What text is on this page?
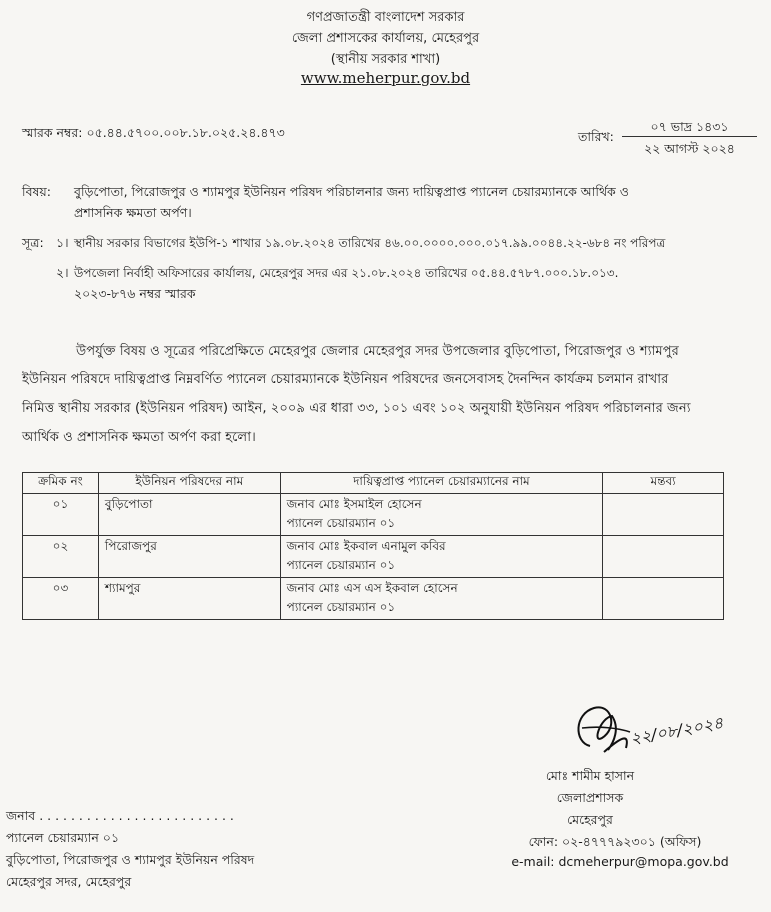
গণপ্রজাতন্ত্রী বাংলাদেশ সরকার
জেলা প্রশাসকের কার্যালয়, মেহেরপুর
(স্থানীয় সরকার শাখা)
www.meherpur.gov.bd
স্মারক নম্বর: ০৫.৪৪.৫৭০০.০০৮.১৮.০২৫.২৪.৪৭৩	তারিখ:
০৭ ভাদ্র ১৪৩১
২২ আগস্ট ২০২৪
বিষয়: বুড়িপোতা, পিরোজপুর ও শ্যামপুর ইউনিয়ন পরিষদ পরিচালনার জন্য দায়িত্বপ্রাপ্ত প্যানেল চেয়ারম্যানকে আর্থিক ও
প্রশাসনিক ক্ষমতা অর্পণ।
সূত্র: ১। স্থানীয় সরকার বিভাগের ইউপি-১ শাখার ১৯.০৮.২০২৪ তারিখের ৪৬.০০.০০০০.০০০.০১৭.৯৯.০০৪৪.২২-৬৮৪ নং পরিপত্র
২। উপজেলা নির্বাহী অফিসারের কার্যালয়, মেহেরপুর সদর এর ২১.০৮.২০২৪ তারিখের ০৫.৪৪.৫৭৮৭.০০০.১৮.০১৩.
২০২৩-৮৭৬ নম্বর স্মারক
উপর্যুক্ত বিষয় ও সূত্রের পরিপ্রেক্ষিতে মেহেরপুর জেলার মেহেরপুর সদর উপজেলার বুড়িপোতা, পিরোজপুর ও শ্যামপুর
ইউনিয়ন পরিষদে দায়িত্বপ্রাপ্ত নিম্নবর্ণিত প্যানেল চেয়ারম্যানকে ইউনিয়ন পরিষদের জনসেবাসহ দৈনন্দিন কার্যক্রম চলমান রাখার
নিমিত্ত স্থানীয় সরকার (ইউনিয়ন পরিষদ) আইন, ২০০৯ এর ধারা ৩৩, ১০১ এবং ১০২ অনুযায়ী ইউনিয়ন পরিষদ পরিচালনার জন্য
আর্থিক ও প্রশাসনিক ক্ষমতা অর্পণ করা হলো।
ক্রমিক নং	ইউনিয়ন পরিষদের নাম	দায়িত্বপ্রাপ্ত প্যানেল চেয়ারম্যানের নাম	মন্তব্য
০১	বুড়িপোতা	জনাব মোঃ ইসমাইল হোসেন
প্যানেল চেয়ারম্যান ০১	

০২	পিরোজপুর	জনাব মোঃ ইকবাল এনামুল কবির
প্যানেল চেয়ারম্যান ০১	

০৩	শ্যামপুর	জনাব মোঃ এস এস ইকবাল হোসেন
প্যানেল চেয়ারম্যান ০১	

২২/০৮/২০২৪
মোঃ শামীম হাসান
জেলাপ্রশাসক
মেহেরপুর
ফোন: ০২-৪৭৭৭৯২৩০১ (অফিস)
e-mail: dcmeherpur@mopa.gov.bd
জনাব . . . . . . . . . . . . . . . . . . . . . . . . .
প্যানেল চেয়ারম্যান ০১
বুড়িপোতা, পিরোজপুর ও শ্যামপুর ইউনিয়ন পরিষদ
মেহেরপুর সদর, মেহেরপুর
